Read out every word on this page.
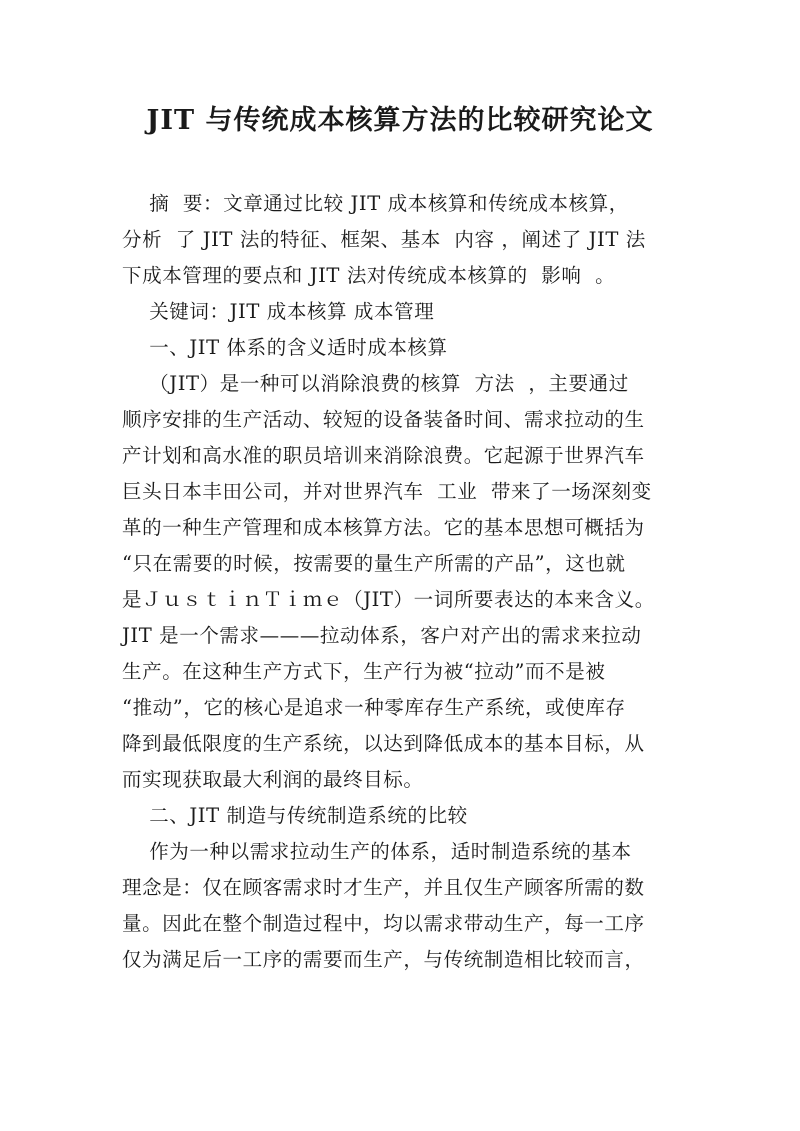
JIT 与传统成本核算方法的比较研究论文
摘  要：文章通过比较 JIT 成本核算和传统成本核算，
分析  了 JIT 法的特征、框架、基本  内容 ，阐述了 JIT 法
下成本管理的要点和 JIT 法对传统成本核算的  影响  。
关键词：JIT 成本核算 成本管理
一、JIT 体系的含义适时成本核算
（JIT）是一种可以消除浪费的核算  方法  ，主要通过
顺序安排的生产活动、较短的设备装备时间、需求拉动的生
产计划和高水准的职员培训来消除浪费。它起源于世界汽车
巨头日本丰田公司，并对世界汽车  工业  带来了一场深刻变
革的一种生产管理和成本核算方法。它的基本思想可概括为
“只在需要的时候，按需要的量生产所需的产品”，这也就
是ＪｕｓｔｉｎＴｉｍｅ（JIT）一词所要表达的本来含义。
JIT 是一个需求———拉动体系，客户对产出的需求来拉动
生产。在这种生产方式下，生产行为被“拉动”而不是被
“推动”，它的核心是追求一种零库存生产系统，或使库存
降到最低限度的生产系统，以达到降低成本的基本目标，从
而实现获取最大利润的最终目标。
二、JIT 制造与传统制造系统的比较
作为一种以需求拉动生产的体系，适时制造系统的基本
理念是：仅在顾客需求时才生产，并且仅生产顾客所需的数
量。因此在整个制造过程中，均以需求带动生产，每一工序
仅为满足后一工序的需要而生产，与传统制造相比较而言，
